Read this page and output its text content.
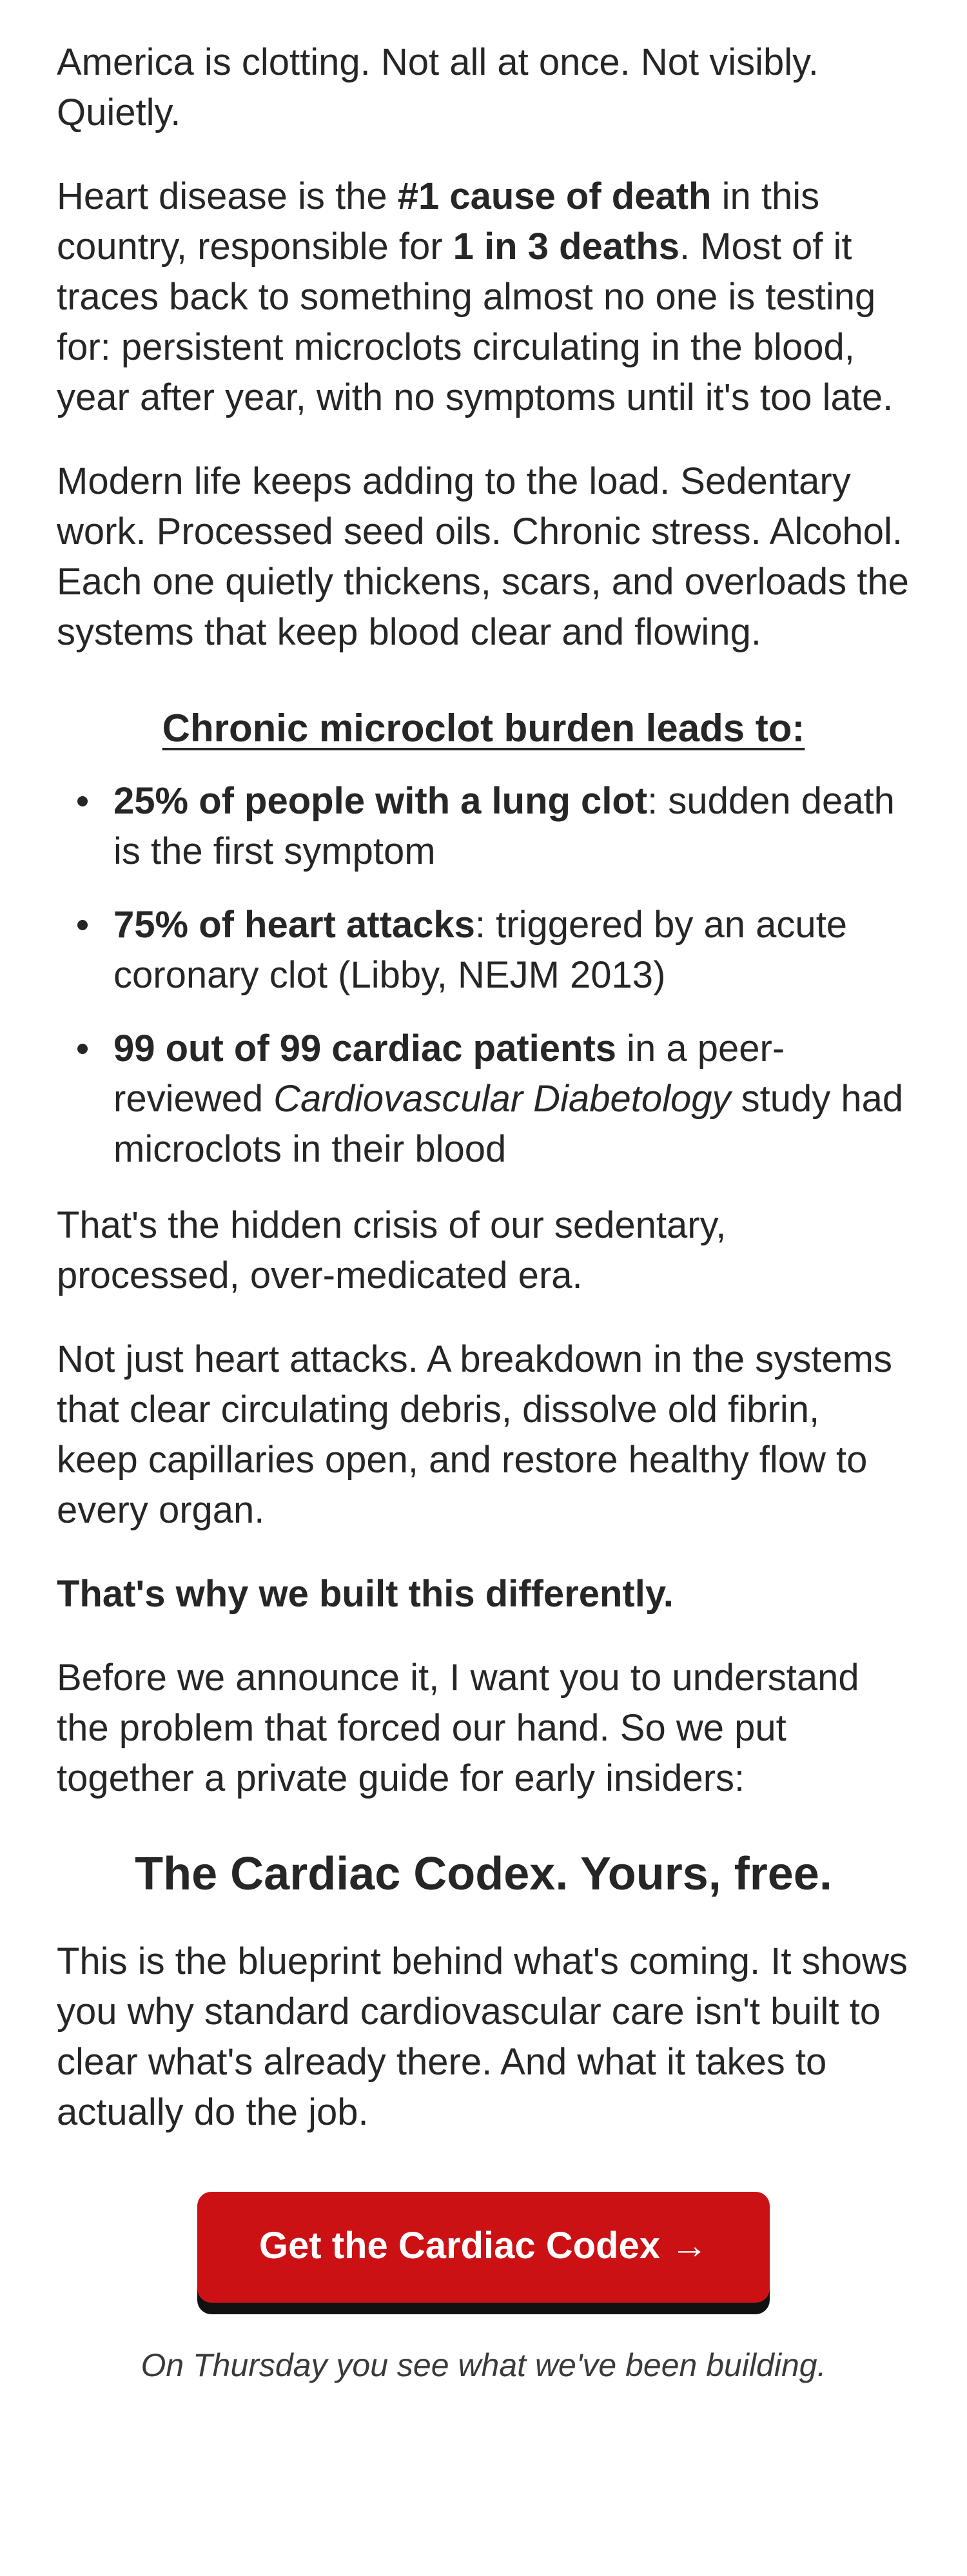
America is clotting. Not all at once. Not visibly. Quietly.

Heart disease is the #1 cause of death in this country, responsible for 1 in 3 deaths. Most of it traces back to something almost no one is testing for: persistent microclots circulating in the blood, year after year, with no symptoms until it's too late.

Modern life keeps adding to the load. Sedentary work. Processed seed oils. Chronic stress. Alcohol. Each one quietly thickens, scars, and overloads the systems that keep blood clear and flowing.

Chronic microclot burden leads to:
25% of people with a lung clot: sudden death is the first symptom
75% of heart attacks: triggered by an acute coronary clot (Libby, NEJM 2013)
99 out of 99 cardiac patients in a peer-reviewed Cardiovascular Diabetology study had microclots in their blood

That's the hidden crisis of our sedentary, processed, over-medicated era.

Not just heart attacks. A breakdown in the systems that clear circulating debris, dissolve old fibrin, keep capillaries open, and restore healthy flow to every organ.

That's why we built this differently.

Before we announce it, I want you to understand the problem that forced our hand. So we put together a private guide for early insiders:

The Cardiac Codex. Yours, free.

This is the blueprint behind what's coming. It shows you why standard cardiovascular care isn't built to clear what's already there. And what it takes to actually do the job.

Get the Cardiac Codex →
On Thursday you see what we've been building.
